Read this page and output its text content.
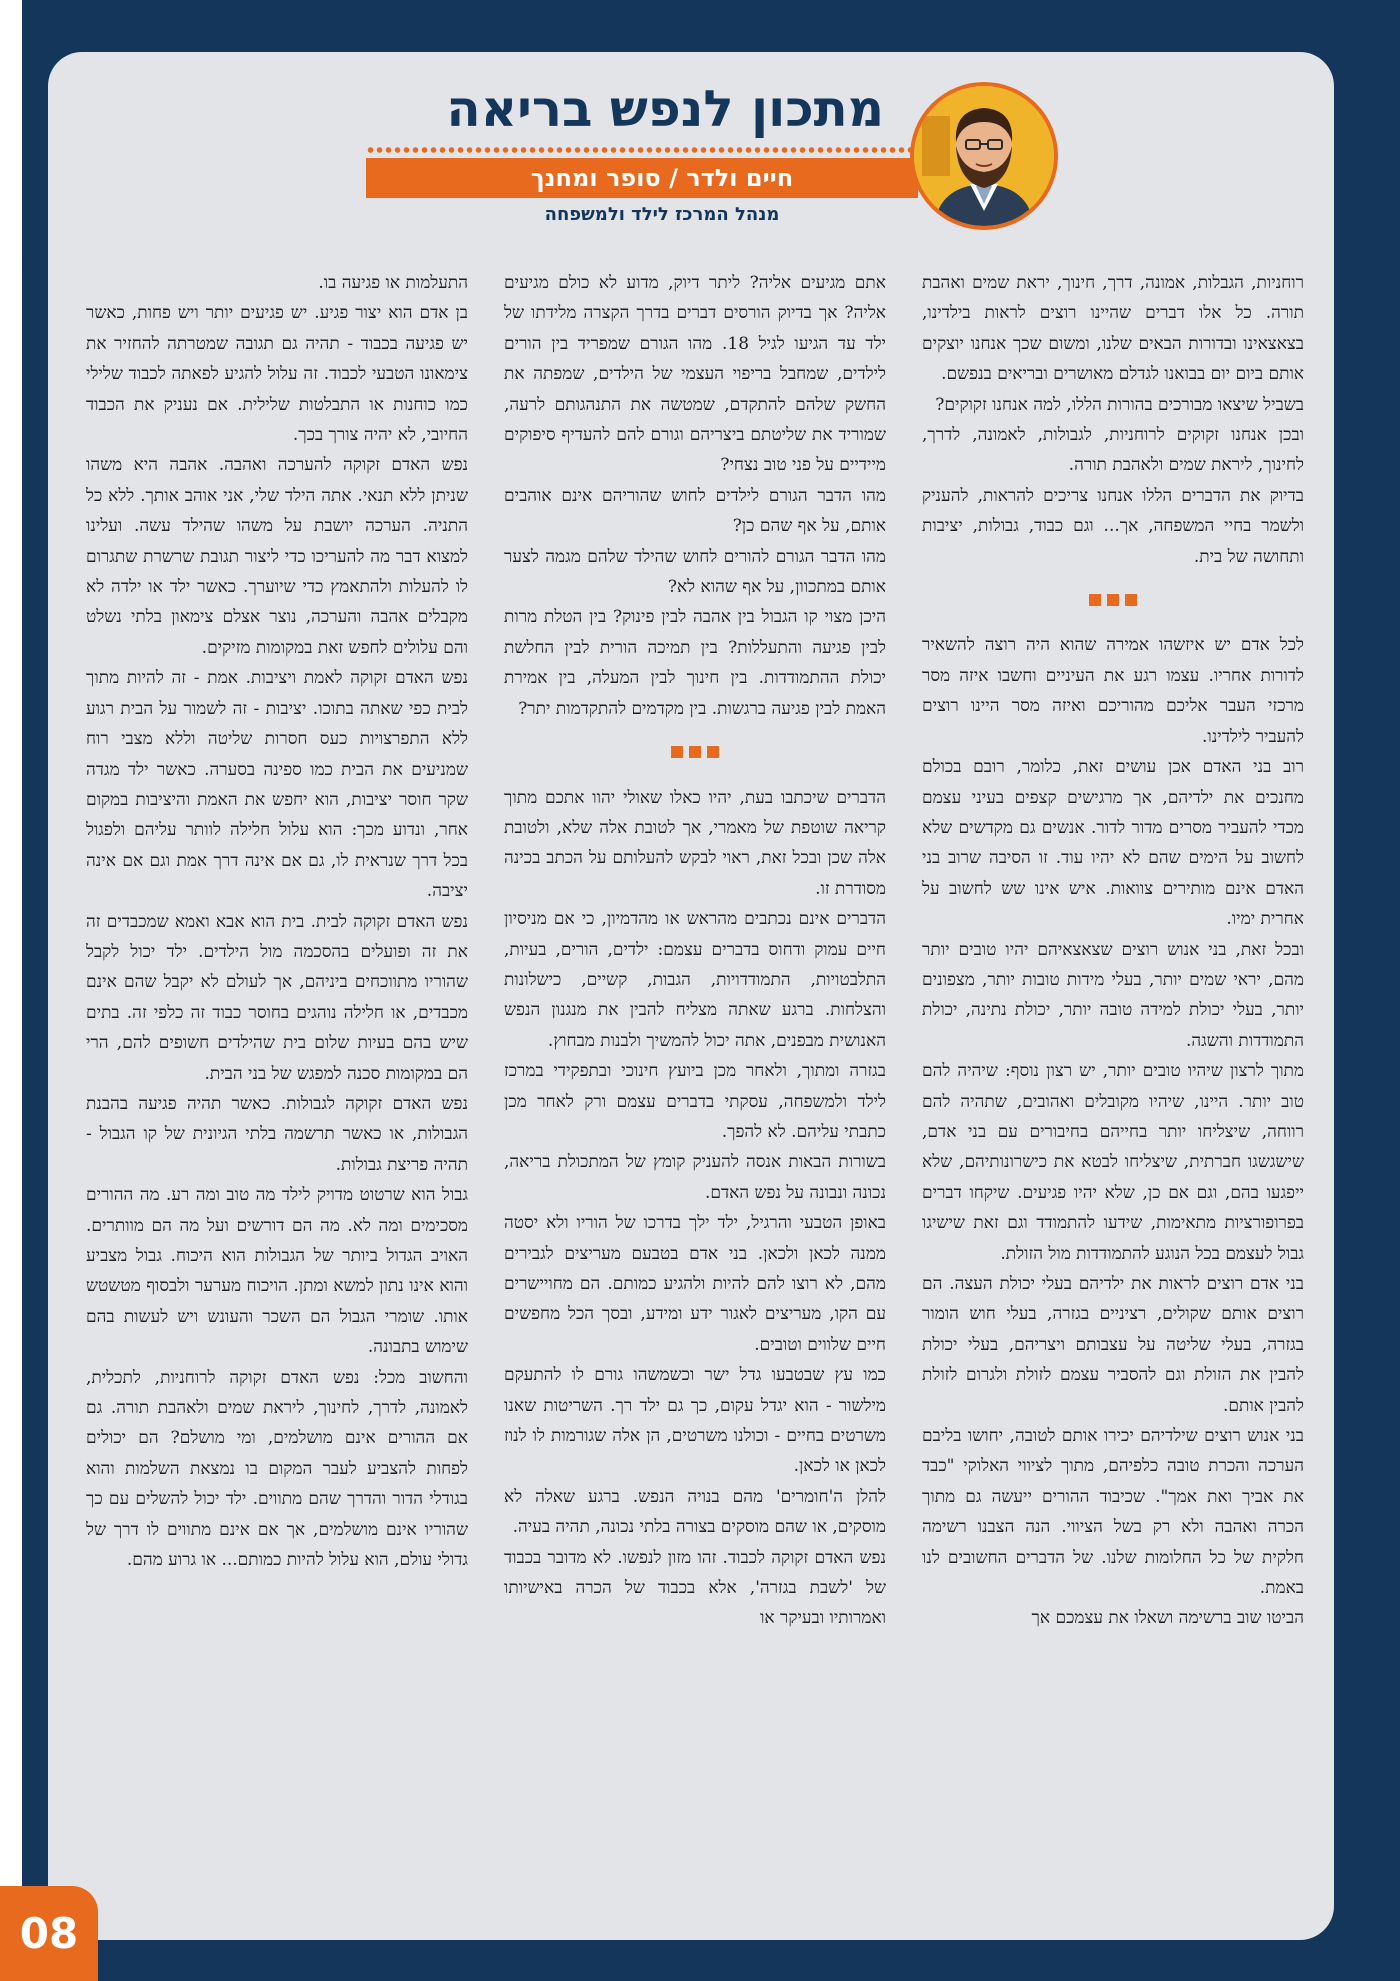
מתכון לנפש בריאה
חיים ולדר / סופר ומחנך
מנהל המרכז לילד ולמשפחה

רוחניות, הגבלות, אמונה, דרך, חינוך, יראת שמים ואהבת תורה. כל אלו דברים שהיינו רוצים לראות בילדינו, בצאצאינו ובדורות הבאים שלנו, ומשום שכך אנחנו יוצקים אותם ביום יום בבואנו לגדלם מאושרים ובריאים בנפשם.

בשביל שיצאו מבורכים בהורות הללו, למה אנחנו זקוקים?

ובכן אנחנו זקוקים לרוחניות, לגבולות, לאמונה, לדרך, לחינוך, ליראת שמים ולאהבת תורה.

בדיוק את הדברים הללו אנחנו צריכים להראות, להעניק ולשמר בחיי המשפחה, אך... וגם כבוד, גבולות, יציבות ותחושה של בית.

לכל אדם יש איזשהו אמירה שהוא היה רוצה להשאיר לדורות אחריו. עצמו רגע את העיניים וחשבו איזה מסר מרכזי העבר אליכם מהוריכם ואיזה מסר היינו רוצים להעביר לילדינו.

רוב בני האדם אכן עושים זאת, כלומר, רובם בכולם מחנכים את ילדיהם, אך מרגישים קצפים בעיני עצמם מכדי להעביר מסרים מדור לדור. אנשים גם מקדשים שלא לחשוב על הימים שהם לא יהיו עוד. זו הסיבה שרוב בני האדם אינם מותירים צוואות. איש אינו שש לחשוב על אחרית ימיו.

ובכל זאת, בני אנוש רוצים שצאצאיהם יהיו טובים יותר מהם, יראי שמים יותר, בעלי מידות טובות יותר, מצפונים יותר, בעלי יכולת למידה טובה יותר, יכולת נתינה, יכולת התמודדות והשגה.

מתוך לרצון שיהיו טובים יותר, יש רצון נוסף: שיהיה להם טוב יותר. היינו, שיהיו מקובלים ואהובים, שתהיה להם רווחה, שיצליחו יותר בחייהם בחיבורים עם בני אדם, שישגשגו חברתית, שיצליחו לבטא את כישרונותיהם, שלא ייפגעו בהם, וגם אם כן, שלא יהיו פגיעים. שיקחו דברים בפרופורציות מתאימות, שידעו להתמודד וגם זאת שישיגו גבול לעצמם בכל הנוגע להתמודדות מול הזולת.

בני אדם רוצים לראות את ילדיהם בעלי יכולת העצה. הם רוצים אותם שקולים, רציניים בגזרה, בעלי חוש הומור בגזרה, בעלי שליטה על עצבותם ויצריהם, בעלי יכולת להבין את הזולת וגם להסביר עצמם לזולת ולגרום לזולת להבין אותם.

בני אנוש רוצים שילדיהם יכירו אותם לטובה, יחושו בליבם הערכה והכרת טובה כלפיהם, מתוך לציווי האלוקי "כבד את אביך ואת אמך". שכיבוד ההורים ייעשה גם מתוך הכרה ואהבה ולא רק בשל הציווי. הנה הצבנו רשימה חלקית של כל החלומות שלנו. של הדברים החשובים לנו באמת.

הביטו שוב ברשימה ושאלו את עצמכם אך

אתם מגיעים אליה? ליתר דיוק, מדוע לא כולם מגיעים אליה? אך בדיוק הורסים דברים בדרך הקצרה מלידתו של ילד עד הגיעו לגיל 18. מהו הגורם שמפריד בין הורים לילדים, שמחבל בריפוי העצמי של הילדים, שמפתה את החשק שלהם להתקדם, שמטשה את התנהגותם לרעה, שמוריד את שליטתם ביצריהם וגורם להם להעדיף סיפוקים מיידיים על פני טוב נצחי?

מהו הדבר הגורם לילדים לחוש שהוריהם אינם אוהבים אותם, על אף שהם כן?

מהו הדבר הגורם להורים לחוש שהילד שלהם מגמה לצער אותם במתכוון, על אף שהוא לא?

היכן מצוי קו הגבול בין אהבה לבין פינוק? בין הטלת מרות לבין פגיעה והתעללות? בין תמיכה הורית לבין החלשת יכולת ההתמודדות. בין חינוך לבין המעלה, בין אמירת האמת לבין פגיעה ברגשות. בין מקדמים להתקדמות יתר?

הדברים שיכתבו בעת, יהיו כאלו שאולי יהוו אתכם מתוך קריאה שוטפת של מאמרי, אך לטובת אלה שלא, ולטובת אלה שכן ובכל זאת, ראוי לבקש להעלותם על הכתב בכינה מסודרת זו.

הדברים אינם נכתבים מהראש או מהדמיון, כי אם מניסיון חיים עמוק ודחוס בדברים עצמם: ילדים, הורים, בעיות, התלבטויות, התמודדויות, הגבות, קשיים, כישלונות והצלחות. ברגע שאתה מצליח להבין את מנגנון הנפש האנושית מבפנים, אתה יכול להמשיך ולבנות מבחוץ.

בגזרה ומתוך, ולאחר מכן ביועץ חינוכי ובתפקידי במרכז לילד ולמשפחה, עסקתי בדברים עצמם ורק לאחר מכן כתבתי עליהם. לא להפך.

בשורות הבאות אנסה להעניק קומץ של המתכולת בריאה, נכונה ונבונה על נפש האדם.

באופן הטבעי והרגיל, ילד ילך בדרכו של הוריו ולא יסטה ממנה לכאן ולכאן. בני אדם בטבעם מעריצים לגבירים מהם, לא רוצו להם להיות ולהגיע כמותם. הם מחויישרים עם הקו, מעריצים לאגור ידע ומידע, ובסך הכל מחפשים חיים שלווים וטובים.

כמו עץ שבטבעו גדל ישר וכשמשהו גורם לו להתעקם מילשור - הוא יגדל עקום, כך גם ילד רך. השריטות שאנו משרטים בחיים - וכולנו משרטים, הן אלה שגורמות לו לנוז לכאן או לכאן.

להלן ה'חומרים' מהם בנויה הנפש. ברגע שאלה לא מוסקים, או שהם מוסקים בצורה בלתי נכונה, תהיה בעיה.

נפש האדם זקוקה לכבוד. זהו מזון לנפשו. לא מדובר בכבוד של 'לשבת בגזרה', אלא בכבוד של הכרה באישיותו ואמרותיו ובעיקר או

התעלמות או פגיעה בו.

בן אדם הוא יצור פגיע. יש פגיעים יותר ויש פחות, כאשר יש פגיעה בכבוד - תהיה גם תגובה שמטרתה להחזיר את צימאונו הטבעי לכבוד. זה עלול להגיע לפאתה לכבוד שלילי כמו כוחנות או התבלטות שלילית. אם נעניק את הכבוד החיובי, לא יהיה צורך בכך.

נפש האדם זקוקה להערכה ואהבה. אהבה היא משהו שניתן ללא תנאי. אתה הילד שלי, אני אוהב אותך. ללא כל התניה. הערכה יושבת על משהו שהילד עשה. ועלינו למצוא דבר מה להעריכו כדי ליצור תגובת שרשרת שתגרום לו להעלות ולהתאמץ כדי שיוערך. כאשר ילד או ילדה לא מקבלים אהבה והערכה, נוצר אצלם צימאון בלתי נשלט והם עלולים לחפש זאת במקומות מזיקים.

נפש האדם זקוקה לאמת ויציבות. אמת - זה להיות מתוך לבית כפי שאתה בתוכו. יציבות - זה לשמור על הבית רגוע ללא התפרצויות כעס חסרות שליטה וללא מצבי רוח שמניעים את הבית כמו ספינה בסערה. כאשר ילד מגדה שקר חוסר יציבות, הוא יחפש את האמת והיציבות במקום אחר, ונדוע מכך: הוא עלול חלילה לוותר עליהם ולפגול בכל דרך שנראית לו, גם אם אינה דרך אמת וגם אם אינה יציבה.

נפש האדם זקוקה לבית. בית הוא אבא ואמא שמכבדים זה את זה ופועלים בהסכמה מול הילדים. ילד יכול לקבל שהוריו מתווכחים ביניהם, אך לעולם לא יקבל שהם אינם מכבדים, או חלילה נוהגים בחוסר כבוד זה כלפי זה. בתים שיש בהם בעיות שלום בית שהילדים חשופים להם, הרי הם במקומות סכנה למפגש של בני הבית.

נפש האדם זקוקה לגבולות. כאשר תהיה פגיעה בהבנת הגבולות, או כאשר תרשמה בלתי הגיונית של קו הגבול - תהיה פריצת גבולות.

גבול הוא שרטוט מדויק לילד מה טוב ומה רע. מה ההורים מסכימים ומה לא. מה הם דורשים ועל מה הם מוותרים. האויב הגדול ביותר של הגבולות הוא היכוח. גבול מצביע והוא אינו נתון למשא ומתן. הויכוח מערער ולבסוף מטשטש אותו. שומרי הגבול הם השכר והעונש ויש לעשות בהם שימוש בתבונה.

והחשוב מכל: נפש האדם זקוקה לרוחניות, לתכלית, לאמונה, לדרך, לחינוך, ליראת שמים ולאהבת תורה. גם אם ההורים אינם מושלמים, ומי מושלם? הם יכולים לפחות להצביע לעבר המקום בו נמצאת השלמות והוא בגודלי הדור והדרך שהם מתווים. ילד יכול להשלים עם כך שהוריו אינם מושלמים, אך אם אינם מתווים לו דרך של גדולי עולם, הוא עלול להיות כמותם... או גרוע מהם.

08
